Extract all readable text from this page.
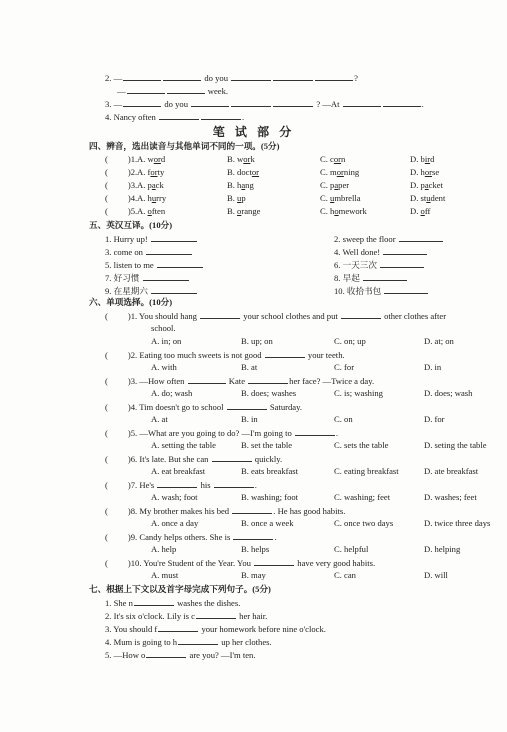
2. —	do you	?
—	week.
3. —	do you	? —At	.
4. Nancy often	.
笔 试 部 分
四、辨音，选出读音与其他单词不同的一项。(5分)
( )1. A. word	B. work	C. corn	D. bird
( )2. A. forty	B. doctor	C. morning	D. horse
( )3. A. pack	B. hang	C. paper	D. packet
( )4. A. hurry	B. up	C. umbrella	D. student
( )5. A. often	B. orange	C. homework	D. off
五、英汉互译。(10分)
1. Hurry up!	2. sweep the floor
3. come on	4. Well done!
5. listen to me	6. 一天三次
7. 好习惯	8. 早起
9. 在星期六	10. 收拾书包
六、单项选择。(10分)
( )1. You should hang	your school clothes and put	other clothes after
school.
A. in; on	B. up; on	C. on; up	D. at; on
( )2. Eating too much sweets is not good	your teeth.
A. with	B. at	C. for	D. in
( )3. —How often	Kate	her face? —Twice a day.
A. do; wash	B. does; washes	C. is; washing	D. does; wash
( )4. Tim doesn't go to school	Saturday.
A. at	B. in	C. on	D. for
( )5. —What are you going to do? —I'm going to	.
A. setting the table	B. set the table	C. sets the table	D. seting the table
( )6. It's late. But she can	quickly.
A. eat breakfast	B. eats breakfast	C. eating breakfast	D. ate breakfast
( )7. He's	his	.
A. wash; foot	B. washing; foot	C. washing; feet	D. washes; feet
( )8. My brother makes his bed	. He has good habits.
A. once a day	B. once a week	C. once two days	D. twice three days
( )9. Candy helps others. She is	.
A. help	B. helps	C. helpful	D. helping
( )10. You're Student of the Year. You	have very good habits.
A. must	B. may	C. can	D. will
七、根据上下文以及首字母完成下列句子。(5分)
1. She n	washes the dishes.
2. It's six o'clock. Lily is c	her hair.
3. You should f	your homework before nine o'clock.
4. Mum is going to h	up her clothes.
5. —How o	are you? —I'm ten.
